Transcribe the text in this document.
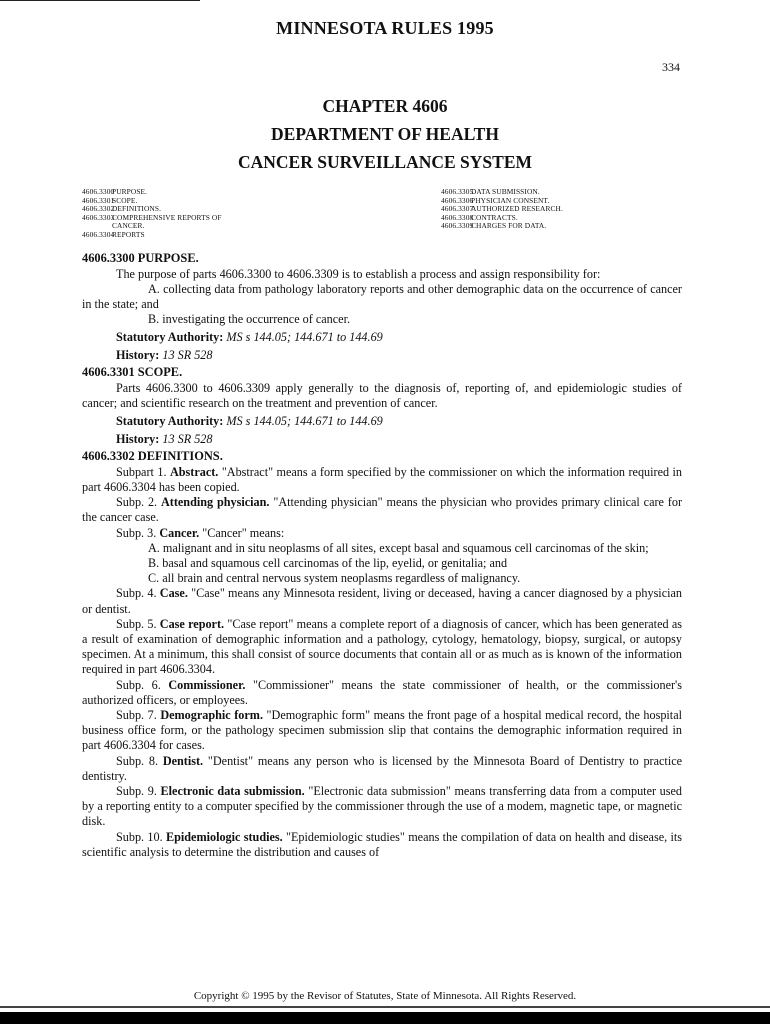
MINNESOTA RULES 1995
334
CHAPTER 4606
DEPARTMENT OF HEALTH
CANCER SURVEILLANCE SYSTEM
4606.3300
PURPOSE.
4606.3301
SCOPE.
4606.3302
DEFINITIONS.
4606.3303
COMPREHENSIVE REPORTS OF
CANCER.
4606.3304
REPORTS
4606.3305
DATA SUBMISSION.
4606.3306
PHYSICIAN CONSENT.
4606.3307
AUTHORIZED RESEARCH.
4606.3308
CONTRACTS.
4606.3309
CHARGES FOR DATA.

4606.3300 PURPOSE.

The purpose of parts 4606.3300 to 4606.3309 is to establish a process and assign responsibility for:

A. collecting data from pathology laboratory reports and other demographic data on the occurrence of cancer in the state; and

B. investigating the occurrence of cancer.

Statutory Authority: MS s 144.05; 144.671 to 144.69

History: 13 SR 528

4606.3301 SCOPE.

Parts 4606.3300 to 4606.3309 apply generally to the diagnosis of, reporting of, and epidemiologic studies of cancer; and scientific research on the treatment and prevention of cancer.

Statutory Authority: MS s 144.05; 144.671 to 144.69

History: 13 SR 528

4606.3302 DEFINITIONS.

Subpart 1. Abstract. "Abstract" means a form specified by the commissioner on which the information required in part 4606.3304 has been copied.

Subp. 2. Attending physician. "Attending physician" means the physician who provides primary clinical care for the cancer case.

Subp. 3. Cancer. "Cancer" means:

A. malignant and in situ neoplasms of all sites, except basal and squamous cell carcinomas of the skin;

B. basal and squamous cell carcinomas of the lip, eyelid, or genitalia; and

C. all brain and central nervous system neoplasms regardless of malignancy.

Subp. 4. Case. "Case" means any Minnesota resident, living or deceased, having a cancer diagnosed by a physician or dentist.

Subp. 5. Case report. "Case report" means a complete report of a diagnosis of cancer, which has been generated as a result of examination of demographic information and a pathology, cytology, hematology, biopsy, surgical, or autopsy specimen. At a minimum, this shall consist of source documents that contain all or as much as is known of the information required in part 4606.3304.

Subp. 6. Commissioner. "Commissioner" means the state commissioner of health, or the commissioner's authorized officers, or employees.

Subp. 7. Demographic form. "Demographic form" means the front page of a hospital medical record, the hospital business office form, or the pathology specimen submission slip that contains the demographic information required in part 4606.3304 for cases.

Subp. 8. Dentist. "Dentist" means any person who is licensed by the Minnesota Board of Dentistry to practice dentistry.

Subp. 9. Electronic data submission. "Electronic data submission" means transferring data from a computer used by a reporting entity to a computer specified by the commissioner through the use of a modem, magnetic tape, or magnetic disk.

Subp. 10. Epidemiologic studies. "Epidemiologic studies" means the compilation of data on health and disease, its scientific analysis to determine the distribution and causes of

Copyright © 1995 by the Revisor of Statutes, State of Minnesota. All Rights Reserved.
